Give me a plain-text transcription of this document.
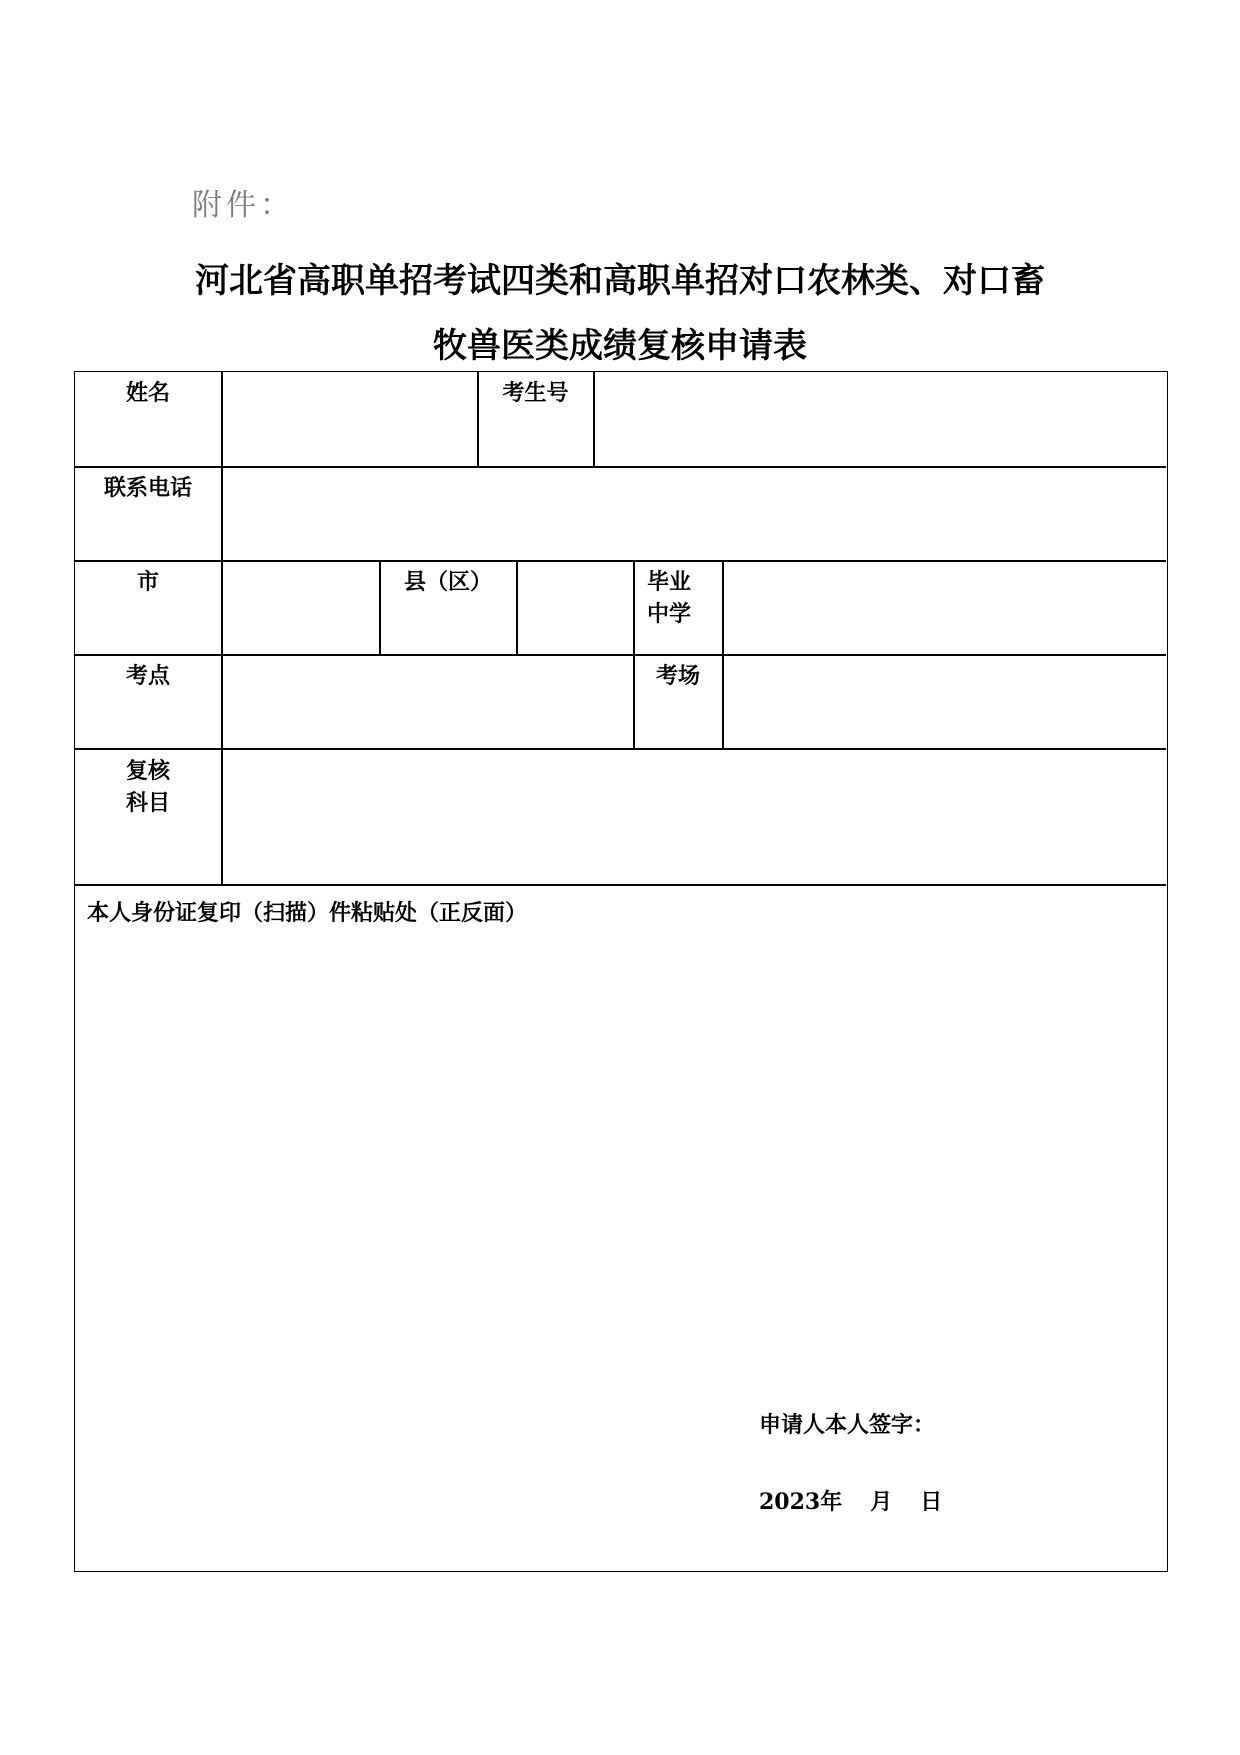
附件：
河北省高职单招考试四类和高职单招对口农林类、对口畜
牧兽医类成绩复核申请表
姓名	考生号
联系电话
市	县（区）	毕业
中学
考点	考场
复核
科目
本人身份证复印（扫描）件粘贴处（正反面）
申请人本人签字：
2023年 月 日
